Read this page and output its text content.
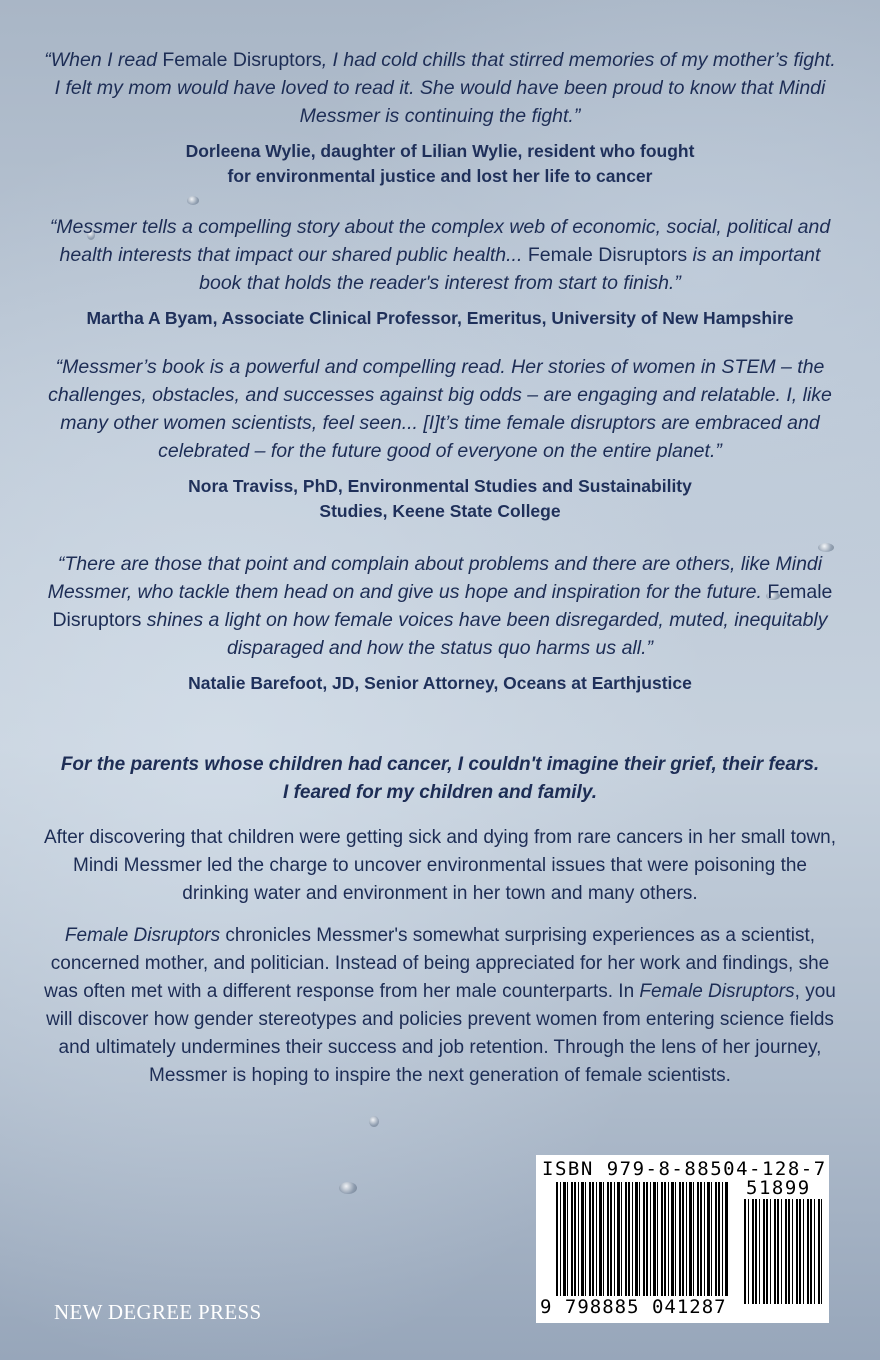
“When I read Female Disruptors, I had cold chills that stirred memories of my mother’s fight. I felt my mom would have loved to read it. She would have been proud to know that Mindi Messmer is continuing the fight.”

Dorleena Wylie, daughter of Lilian Wylie, resident who fought
for environmental justice and lost her life to cancer

“Messmer tells a compelling story about the complex web of economic, social, political and health interests that impact our shared public health... Female Disruptors is an important book that holds the reader's interest from start to finish.”

Martha A Byam, Associate Clinical Professor, Emeritus, University of New Hampshire

“Messmer’s book is a powerful and compelling read. Her stories of women in STEM – the challenges, obstacles, and successes against big odds – are engaging and relatable. I, like many other women scientists, feel seen... [I]t’s time female disruptors are embraced and celebrated – for the future good of everyone on the entire planet.”

Nora Traviss, PhD, Environmental Studies and Sustainability
Studies, Keene State College

“There are those that point and complain about problems and there are others, like Mindi Messmer, who tackle them head on and give us hope and inspiration for the future. Female Disruptors shines a light on how female voices have been disregarded, muted, inequitably disparaged and how the status quo harms us all.”

Natalie Barefoot, JD, Senior Attorney, Oceans at Earthjustice

For the parents whose children had cancer, I couldn't imagine their grief, their fears.
I feared for my children and family.

After discovering that children were getting sick and dying from rare cancers in her small town, Mindi Messmer led the charge to uncover environmental issues that were poisoning the drinking water and environment in her town and many others.

Female Disruptors chronicles Messmer's somewhat surprising experiences as a scientist, concerned mother, and politician. Instead of being appreciated for her work and findings, she was often met with a different response from her male counterparts. In Female Disruptors, you will discover how gender stereotypes and policies prevent women from entering science fields and ultimately undermines their success and job retention. Through the lens of her journey, Messmer is hoping to inspire the next generation of female scientists.

NEW DEGREE PRESS
ISBN 979-8-88504-128-7
51899
9 798885 041287
